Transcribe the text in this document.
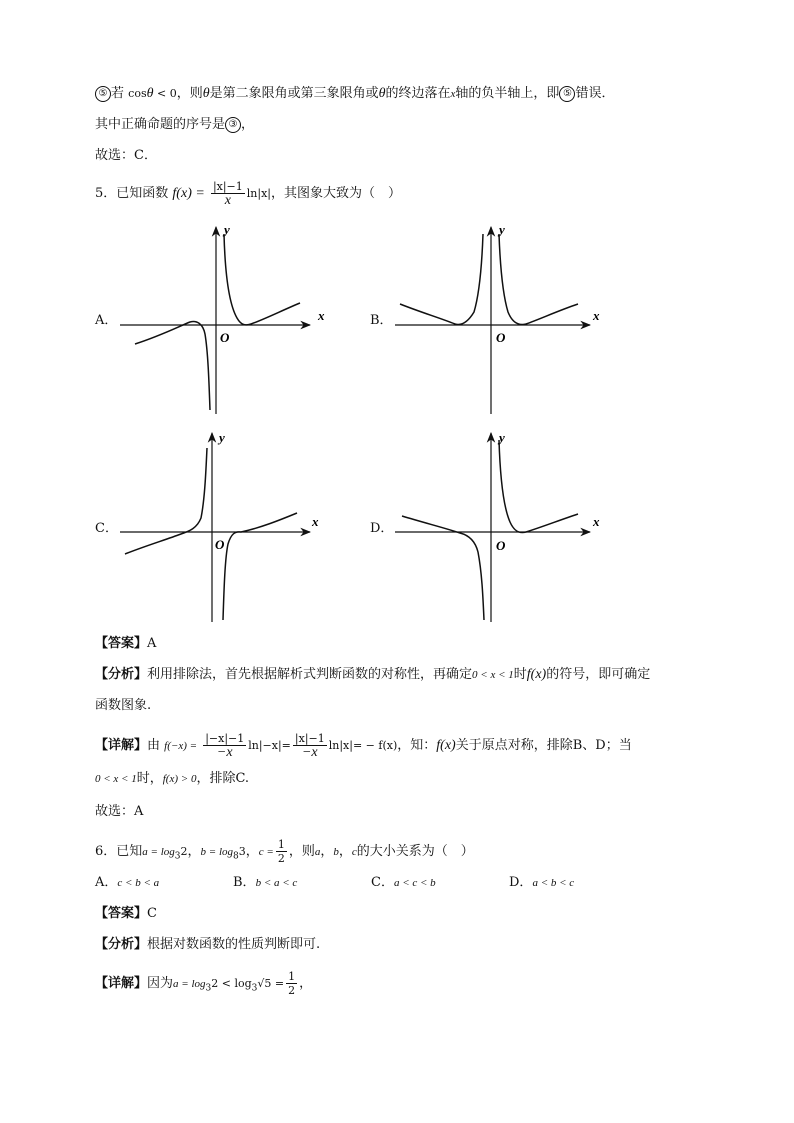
⑤ 若 cosθ < 0，则θ是第二象限角或第三象限角或θ的终边落在x轴的负半轴上，即 ⑤ 错误．
其中正确命题的序号是 ③ ，
故选：C．
5．已知函数 $f(x) = \frac{|x|-1}{x} \ln|x|$，其图象大致为（　）
A．	B．
C．	D．
x
y
O
x
y
O
x
y
O
x
y
O
【答案】A
【分析】利用排除法，首先根据解析式判断函数的对称性，再确定0 < x < 1时f(x)的符号，即可确定
函数图象.
【详解】由 $f(-x) = \frac{|-x|-1}{-x} \ln|-x|= \frac{|x|-1}{-x} \ln|x|= - f(x)$，知：f(x)关于原点对称，排除B、D；当
0 < x < 1时，f(x) > 0，排除C.
故选：A
6．已知$a = \log_32$，$b = \log_83$，$c = \frac{1}{2}$ ，则a，b，c的大小关系为（　）
A．c < b < a	B．b < a < c	C．a < c < b	D．a < b < c
【答案】C
【分析】根据对数函数的性质判断即可.
【详解】因为$a = \log_32 < \log_3√5 = \frac{1}{2}$ ，
